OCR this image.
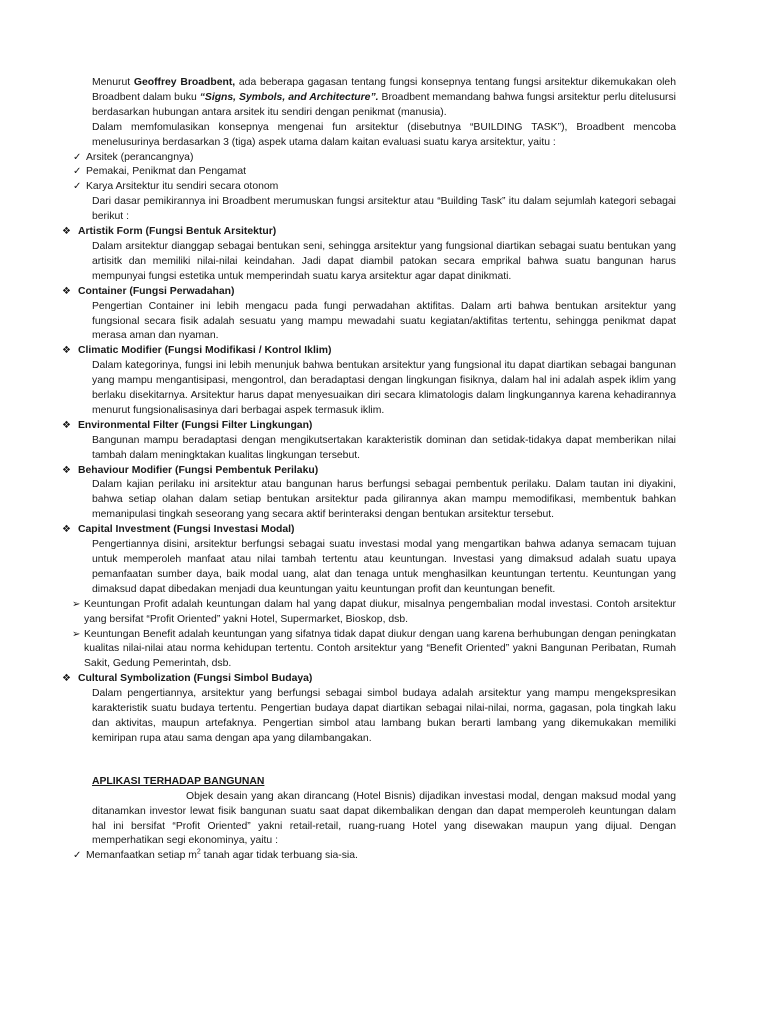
Menurut Geoffrey Broadbent, ada beberapa gagasan tentang fungsi konsepnya tentang fungsi arsitektur dikemukakan oleh Broadbent dalam buku “Signs, Symbols, and Architecture”. Broadbent memandang bahwa fungsi arsitektur perlu ditelusursi berdasarkan hubungan antara arsitek itu sendiri dengan penikmat (manusia).

Dalam memfomulasikan konsepnya mengenai fun arsitektur (disebutnya “BUILDING TASK”), Broadbent mencoba menelusurinya berdasarkan 3 (tiga) aspek utama dalam kaitan evaluasi suatu karya arsitektur, yaitu :

✓ Arsitek (perancangnya)
✓ Pemakai, Penikmat dan Pengamat
✓ Karya Arsitektur itu sendiri secara otonom

Dari dasar pemikirannya ini Broadbent merumuskan fungsi arsitektur atau “Building Task” itu dalam sejumlah kategori sebagai berikut :

❖ Artistik Form (Fungsi Bentuk Arsitektur)

Dalam arsitektur dianggap sebagai bentukan seni, sehingga arsitektur yang fungsional diartikan sebagai suatu bentukan yang artisitk dan memiliki nilai-nilai keindahan. Jadi dapat diambil patokan secara emprikal bahwa suatu bangunan harus mempunyai fungsi estetika untuk memperindah suatu karya arsitektur agar dapat dinikmati.

❖ Container (Fungsi Perwadahan)

Pengertian Container ini lebih mengacu pada fungi perwadahan aktifitas. Dalam arti bahwa bentukan arsitektur yang fungsional secara fisik adalah sesuatu yang mampu mewadahi suatu kegiatan/aktifitas tertentu, sehingga penikmat dapat merasa aman dan nyaman.

❖ Climatic Modifier (Fungsi Modifikasi / Kontrol Iklim)

Dalam kategorinya, fungsi ini lebih menunjuk bahwa bentukan arsitektur yang fungsional itu dapat diartikan sebagai bangunan yang mampu mengantisipasi, mengontrol, dan beradaptasi dengan lingkungan fisiknya, dalam hal ini adalah aspek iklim yang berlaku disekitarnya. Arsitektur harus dapat menyesuaikan diri secara klimatologis dalam lingkungannya karena kehadirannya menurut fungsionalisasinya dari berbagai aspek termasuk iklim.

❖ Environmental Filter (Fungsi Filter Lingkungan)

Bangunan mampu beradaptasi dengan mengikutsertakan karakteristik dominan dan setidak-tidakya dapat memberikan nilai tambah dalam meningktakan kualitas lingkungan tersebut.

❖ Behaviour Modifier (Fungsi Pembentuk Perilaku)

Dalam kajian perilaku ini arsitektur atau bangunan harus berfungsi sebagai pembentuk perilaku. Dalam tautan ini diyakini, bahwa setiap olahan dalam setiap bentukan arsitektur pada gilirannya akan mampu memodifikasi, membentuk bahkan memanipulasi tingkah seseorang yang secara aktif berinteraksi dengan bentukan arsitektur tersebut.

❖ Capital Investment (Fungsi Investasi Modal)

Pengertiannya disini, arsitektur berfungsi sebagai suatu investasi modal yang mengartikan bahwa adanya semacam tujuan untuk memperoleh manfaat atau nilai tambah tertentu atau keuntungan. Investasi yang dimaksud adalah suatu upaya pemanfaatan sumber daya, baik modal uang, alat dan tenaga untuk menghasilkan keuntungan tertentu. Keuntungan yang dimaksud dapat dibedakan menjadi dua keuntungan yaitu keuntungan profit dan keuntungan benefit.

➢ Keuntungan Profit adalah keuntungan dalam hal yang dapat diukur, misalnya pengembalian modal investasi. Contoh arsitektur yang bersifat “Profit Oriented” yakni Hotel, Supermarket, Bioskop, dsb.
➢ Keuntungan Benefit adalah keuntungan yang sifatnya tidak dapat diukur dengan uang karena berhubungan dengan peningkatan kualitas nilai-nilai atau norma kehidupan tertentu. Contoh arsitektur yang “Benefit Oriented” yakni Bangunan Peribatan, Rumah Sakit, Gedung Pemerintah, dsb.
❖ Cultural Symbolization (Fungsi Simbol Budaya)

Dalam pengertiannya, arsitektur yang berfungsi sebagai simbol budaya adalah arsitektur yang mampu mengekspresikan karakteristik suatu budaya tertentu. Pengertian budaya dapat diartikan sebagai nilai-nilai, norma, gagasan, pola tingkah laku dan aktivitas, maupun artefaknya. Pengertian simbol atau lambang bukan berarti lambang yang dikemukakan memiliki kemiripan rupa atau sama dengan apa yang dilambangakan.

APLIKASI TERHADAP BANGUNAN

Objek desain yang akan dirancang (Hotel Bisnis) dijadikan investasi modal, dengan maksud modal yang ditanamkan investor lewat fisik bangunan suatu saat dapat dikembalikan dengan dan dapat memperoleh keuntungan dalam hal ini bersifat “Profit Oriented” yakni retail-retail, ruang-ruang Hotel yang disewakan maupun yang dijual. Dengan memperhatikan segi ekonominya, yaitu :

✓ Memanfaatkan setiap $m^2$ tanah agar tidak terbuang sia-sia.
